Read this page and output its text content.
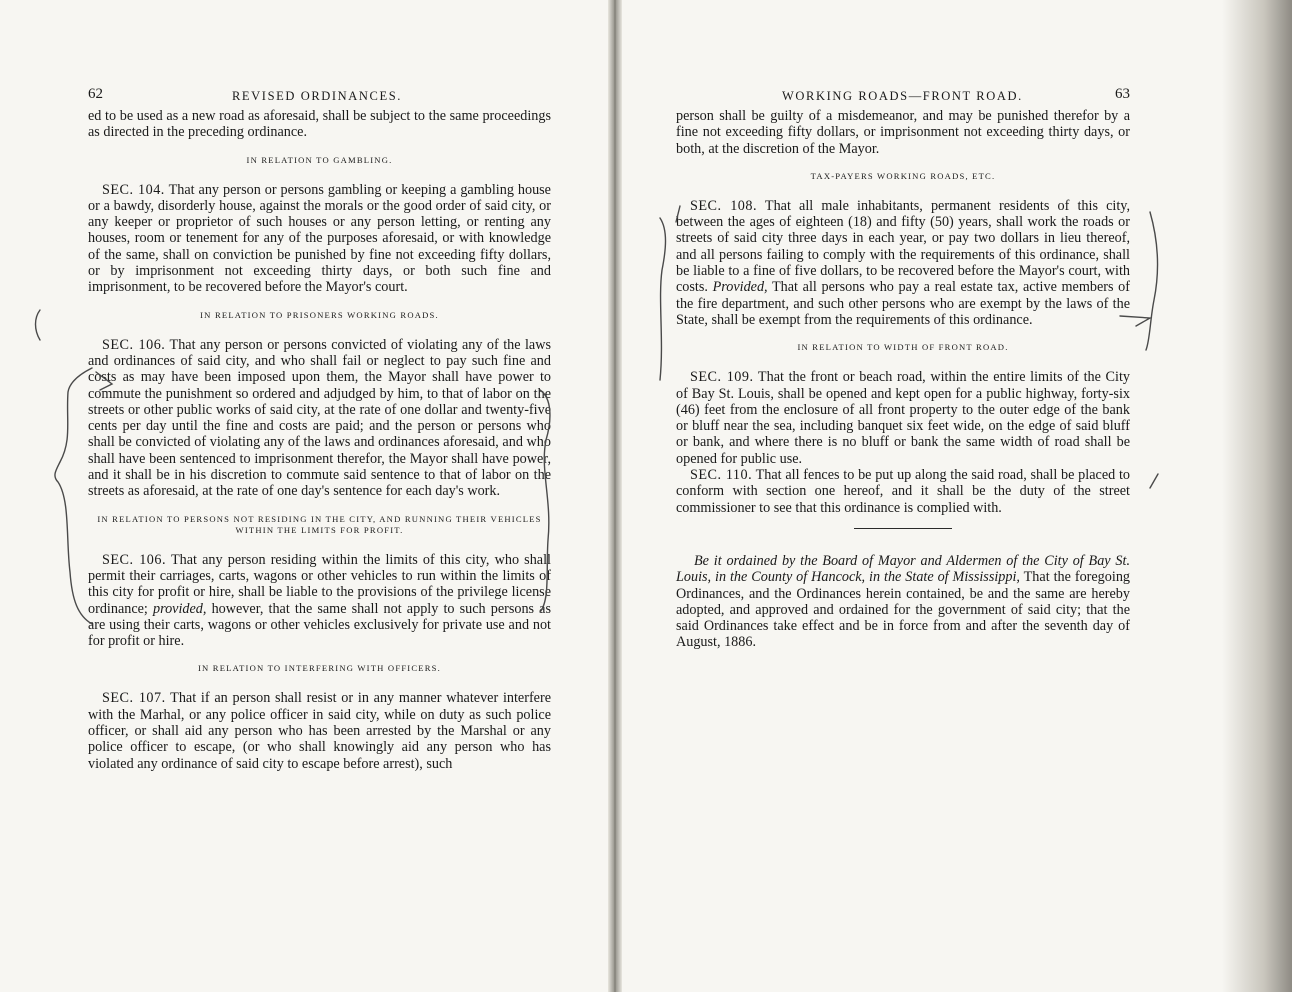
62	REVISED ORDINANCES.

ed to be used as a new road as aforesaid, shall be subject to the same proceedings as directed in the preceding ordinance.

IN RELATION TO GAMBLING.

SEC. 104. That any person or persons gambling or keeping a gambling house or a bawdy, disorderly house, against the morals or the good order of said city, or any keeper or proprietor of such houses or any person letting, or renting any houses, room or tenement for any of the purposes aforesaid, or with knowledge of the same, shall on conviction be punished by fine not exceeding fifty dollars, or by imprisonment not exceeding thirty days, or both such fine and imprisonment, to be recovered before the Mayor's court.

IN RELATION TO PRISONERS WORKING ROADS.

SEC. 106. That any person or persons convicted of violating any of the laws and ordinances of said city, and who shall fail or neglect to pay such fine and costs as may have been imposed upon them, the Mayor shall have power to commute the punishment so ordered and adjudged by him, to that of labor on the streets or other public works of said city, at the rate of one dollar and twenty-five cents per day until the fine and costs are paid; and the person or persons who shall be convicted of violating any of the laws and ordinances aforesaid, and who shall have been sentenced to imprisonment therefor, the Mayor shall have power, and it shall be in his discretion to commute said sentence to that of labor on the streets as aforesaid, at the rate of one day's sentence for each day's work.

IN RELATION TO PERSONS NOT RESIDING IN THE CITY, AND RUNNING THEIR VEHICLES WITHIN THE LIMITS FOR PROFIT.

SEC. 106. That any person residing within the limits of this city, who shall permit their carriages, carts, wagons or other vehicles to run within the limits of this city for profit or hire, shall be liable to the provisions of the privilege license ordinance; provided, however, that the same shall not apply to such persons as are using their carts, wagons or other vehicles exclusively for private use and not for profit or hire.

IN RELATION TO INTERFERING WITH OFFICERS.

SEC. 107. That if an person shall resist or in any manner whatever interfere with the Marhal, or any police officer in said city, while on duty as such police officer, or shall aid any person who has been arrested by the Marshal or any police officer to escape, (or who shall knowingly aid any person who has violated any ordinance of said city to escape before arrest), such

WORKING ROADS—FRONT ROAD.	63

person shall be guilty of a misdemeanor, and may be punished therefor by a fine not exceeding fifty dollars, or imprisonment not exceeding thirty days, or both, at the discretion of the Mayor.

TAX-PAYERS WORKING ROADS, ETC.

SEC. 108. That all male inhabitants, permanent residents of this city, between the ages of eighteen (18) and fifty (50) years, shall work the roads or streets of said city three days in each year, or pay two dollars in lieu thereof, and all persons failing to comply with the requirements of this ordinance, shall be liable to a fine of five dollars, to be recovered before the Mayor's court, with costs. Provided, That all persons who pay a real estate tax, active members of the fire department, and such other persons who are exempt by the laws of the State, shall be exempt from the requirements of this ordinance.

IN RELATION TO WIDTH OF FRONT ROAD.

SEC. 109. That the front or beach road, within the entire limits of the City of Bay St. Louis, shall be opened and kept open for a public highway, forty-six (46) feet from the enclosure of all front property to the outer edge of the bank or bluff near the sea, including banquet six feet wide, on the edge of said bluff or bank, and where there is no bluff or bank the same width of road shall be opened for public use.

SEC. 110. That all fences to be put up along the said road, shall be placed to conform with section one hereof, and it shall be the duty of the street commissioner to see that this ordinance is complied with.

Be it ordained by the Board of Mayor and Aldermen of the City of Bay St. Louis, in the County of Hancock, in the State of Mississippi, That the foregoing Ordinances, and the Ordinances herein contained, be and the same are hereby adopted, and approved and ordained for the government of said city; that the said Ordinances take effect and be in force from and after the seventh day of August, 1886.
